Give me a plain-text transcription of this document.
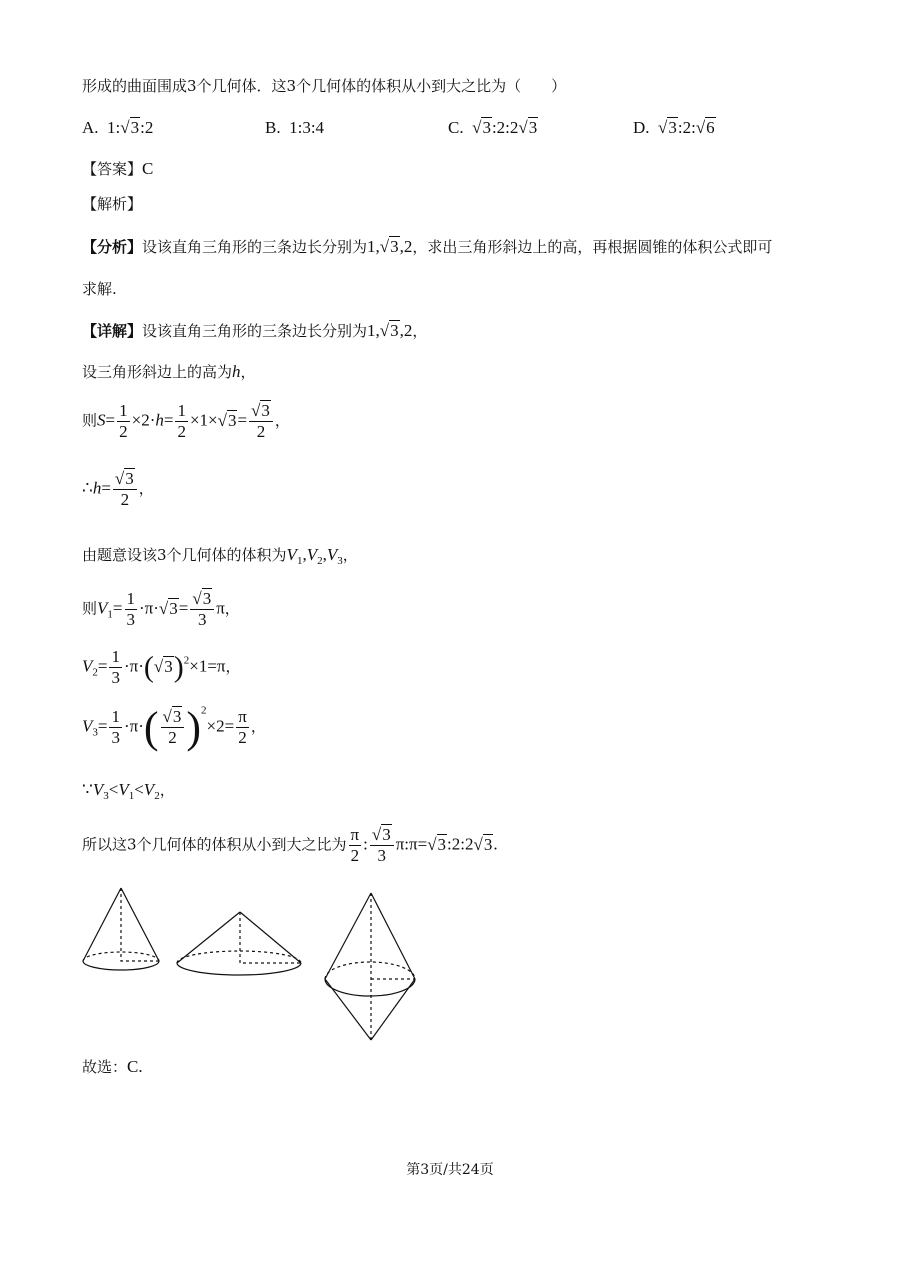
形成的曲面围成3个几何体．这3个几何体的体积从小到大之比为（　　）
A. 1:√3:2	B. 1:3:4	C. √3:2:2√3	D. √3:2:√6
【答案】C
【解析】
【分析】设该直角三角形的三条边长分别为1,√3,2，求出三角形斜边上的高，再根据圆锥的体积公式即可
求解.
【详解】设该直角三角形的三条边长分别为1,√3,2，
设三角形斜边上的高为h，
则$S= \frac{1}{2} \times 2\cdot h= \frac{1}{2} \times 1\times√3= \frac{√3}{2}$ ，
∴h= $\frac{√3}{2}$ ，
由题意设该3个几何体的体积为$V_1,V_2,V_3$，
则$V_1= \frac{1}{3} \cdot\pi\cdot√3= \frac{√3}{3}$ π，
$V_2= \frac{1}{3} \cdot\pi\cdot(√3)^2\times 1=\pi$，
$V_3= \frac{1}{3} \cdot\pi\cdot( \frac{√3}{2} )^2\times 2= \frac{\pi}{2}$ ，
$\because V_3<V_1<V_2$，
所以这3个几何体的体积从小到大之比为 $\frac{\pi}{2}$ : $\frac{√3}{3}$ π:π=√3:2:2√3.
故选：C.
第3页/共24页
